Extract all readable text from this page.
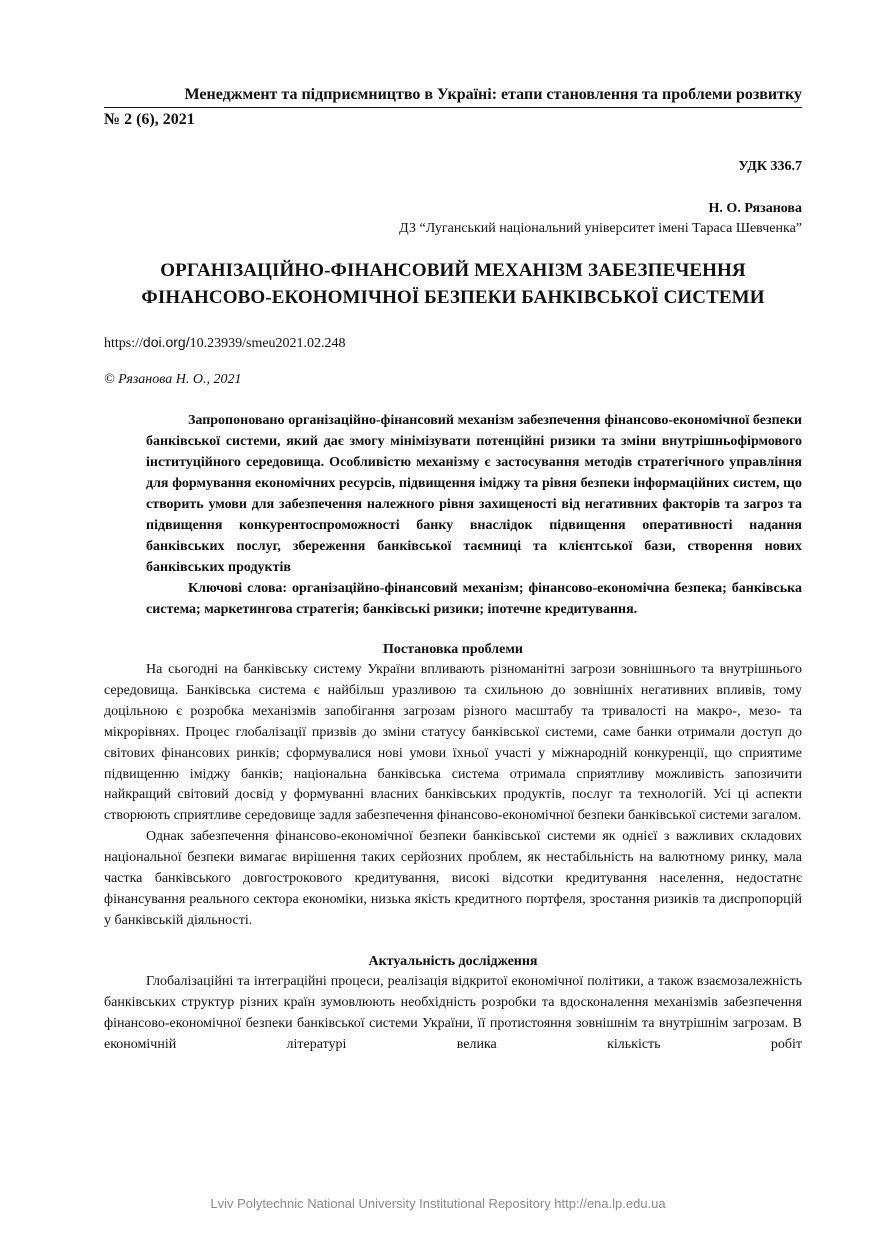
Менеджмент та підприємництво в Україні: етапи становлення та проблеми розвитку
№ 2 (6), 2021
УДК 336.7
Н. О. Рязанова
ДЗ “Луганський національний університет імені Тараса Шевченка”
ОРГАНІЗАЦІЙНО-ФІНАНСОВИЙ МЕХАНІЗМ ЗАБЕЗПЕЧЕННЯ
ФІНАНСОВО-ЕКОНОМІЧНОЇ БЕЗПЕКИ БАНКІВСЬКОЇ СИСТЕМИ
https://doi.org/10.23939/smeu2021.02.248
© Рязанова Н. О., 2021

Запропоновано організаційно-фінансовий механізм забезпечення фінансово-економічної безпеки банківської системи, який дає змогу мінімізувати потенційні ризики та зміни внутрішньофірмового інституційного середовища. Особливістю механізму є застосування методів стратегічного управління для формування економічних ресурсів, підвищення іміджу та рівня безпеки інформаційних систем, що створить умови для забезпечення належного рівня захищеності від негативних факторів та загроз та підвищення конкурентоспроможності банку внаслідок підвищення оперативності надання банківських послуг, збереження банківської таємниці та клієнтської бази, створення нових банківських продуктів

Ключові слова: організаційно-фінансовий механізм; фінансово-економічна безпека; банківська система; маркетингова стратегія; банківські ризики; іпотечне кредитування.

Постановка проблеми

На сьогодні на банківську систему України впливають різноманітні загрози зовнішнього та внутрішнього середовища. Банківська система є найбільш уразливою та схильною до зовнішніх негативних впливів, тому доцільною є розробка механізмів запобігання загрозам різного масштабу та тривалості на макро-, мезо- та мікрорівнях. Процес глобалізації призвів до зміни статусу банківської системи, саме банки отримали доступ до світових фінансових ринків; сформувалися нові умови їхньої участі у міжнародній конкуренції, що сприятиме підвищенню іміджу банків; національна банківська система отримала сприятливу можливість запозичити найкращий світовий досвід у формуванні власних банківських продуктів, послуг та технологій. Усі ці аспекти створюють сприятливе середовище задля забезпечення фінансово-економічної безпеки банківської системи загалом.

Однак забезпечення фінансово-економічної безпеки банківської системи як однієї з важливих складових національної безпеки вимагає вирішення таких серйозних проблем, як нестабільність на валютному ринку, мала частка банківського довгострокового кредитування, високі відсотки кредитування населення, недостатнє фінансування реального сектора економіки, низька якість кредитного портфеля, зростання ризиків та диспропорцій у банківській діяльності.

Актуальність дослідження

Глобалізаційні та інтеграційні процеси, реалізація відкритої економічної політики, а також взаємозалежність банківських структур різних країн зумовлюють необхідність розробки та вдосконалення механізмів забезпечення фінансово-економічної безпеки банківської системи України, її протистояння зовнішнім та внутрішнім загрозам. В економічній літературі велика кількість робіт

Lviv Polytechnic National University Institutional Repository http://ena.lp.edu.ua
